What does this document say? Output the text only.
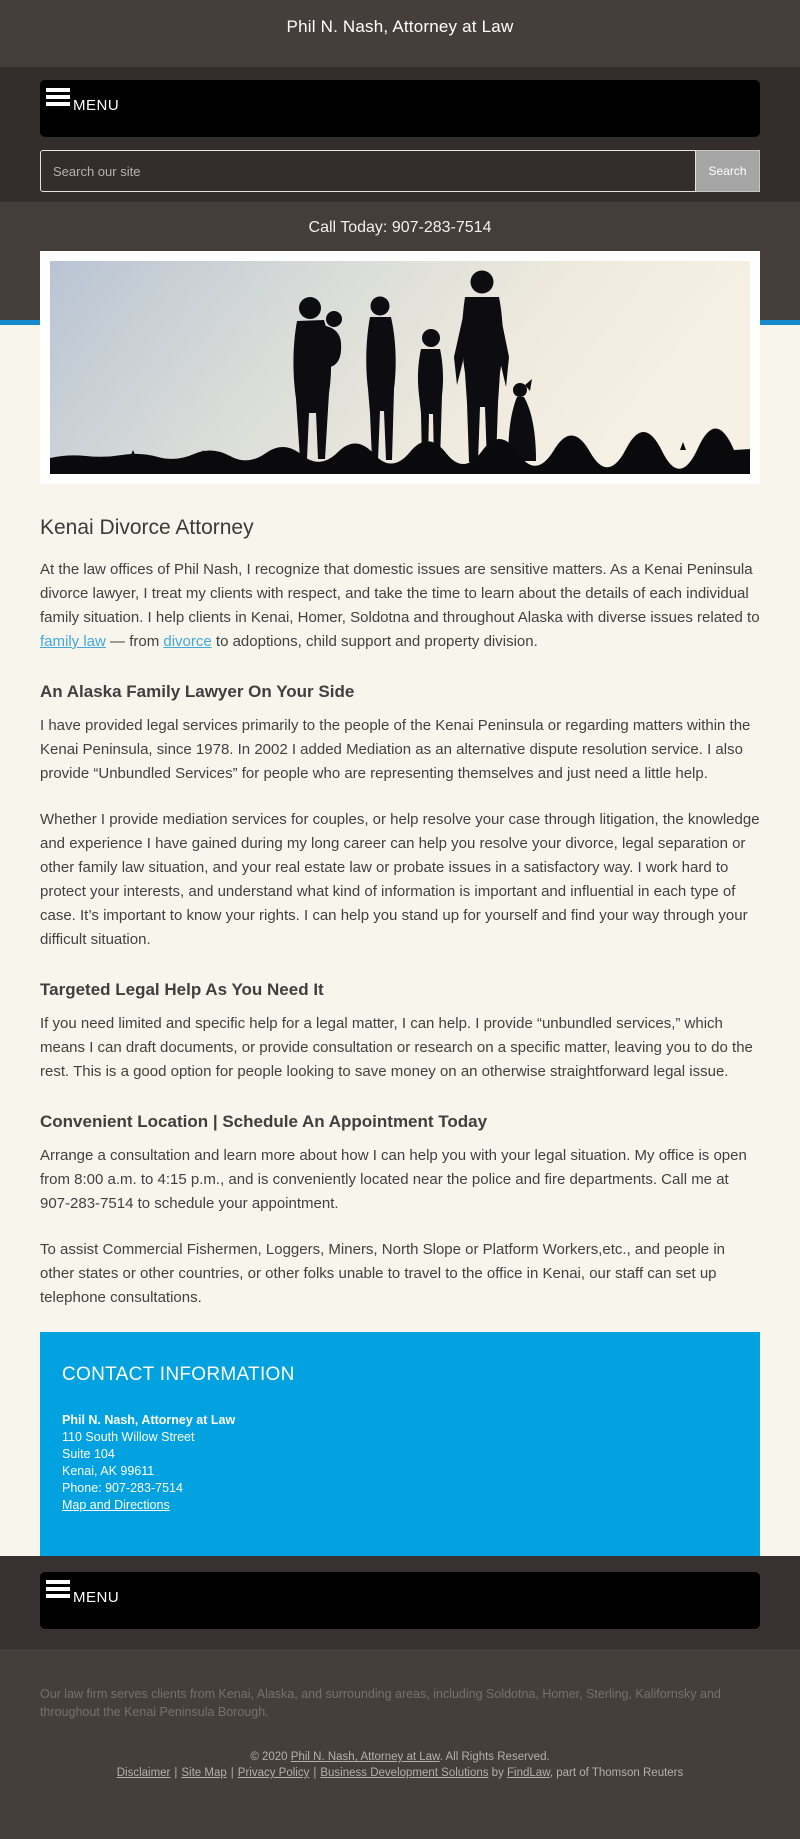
Phil N. Nash, Attorney at Law
MENU
Search our site
Search
Call Today: 907-283-7514
Kenai Divorce Attorney

At the law offices of Phil Nash, I recognize that domestic issues are sensitive matters. As a Kenai Peninsula divorce lawyer, I treat my clients with respect, and take the time to learn about the details of each individual family situation. I help clients in Kenai, Homer, Soldotna and throughout Alaska with diverse issues related to family law — from divorce to adoptions, child support and property division.

An Alaska Family Lawyer On Your Side

I have provided legal services primarily to the people of the Kenai Peninsula or regarding matters within the Kenai Peninsula, since 1978. In 2002 I added Mediation as an alternative dispute resolution service. I also provide “Unbundled Services” for people who are representing themselves and just need a little help.

Whether I provide mediation services for couples, or help resolve your case through litigation, the knowledge and experience I have gained during my long career can help you resolve your divorce, legal separation or other family law situation, and your real estate law or probate issues in a satisfactory way. I work hard to protect your interests, and understand what kind of information is important and influential in each type of case. It’s important to know your rights. I can help you stand up for yourself and find your way through your difficult situation.

Targeted Legal Help As You Need It

If you need limited and specific help for a legal matter, I can help. I provide “unbundled services,” which means I can draft documents, or provide consultation or research on a specific matter, leaving you to do the rest. This is a good option for people looking to save money on an otherwise straightforward legal issue.

Convenient Location | Schedule An Appointment Today

Arrange a consultation and learn more about how I can help you with your legal situation. My office is open from 8:00 a.m. to 4:15 p.m., and is conveniently located near the police and fire departments. Call me at 907-283-7514 to schedule your appointment.

To assist Commercial Fishermen, Loggers, Miners, North Slope or Platform Workers,etc., and people in other states or other countries, or other folks unable to travel to the office in Kenai, our staff can set up telephone consultations.

CONTACT INFORMATION
Phil N. Nash, Attorney at Law
110 South Willow Street
Suite 104
Kenai, AK 99611
Phone: 907-283-7514
Map and Directions
MENU
Our law firm serves clients from Kenai, Alaska, and surrounding areas, including Soldotna, Homer, Sterling, Kalifornsky and throughout the Kenai Peninsula Borough.
© 2020 Phil N. Nash, Attorney at Law. All Rights Reserved.
Disclaimer | Site Map | Privacy Policy | Business Development Solutions by FindLaw, part of Thomson Reuters
